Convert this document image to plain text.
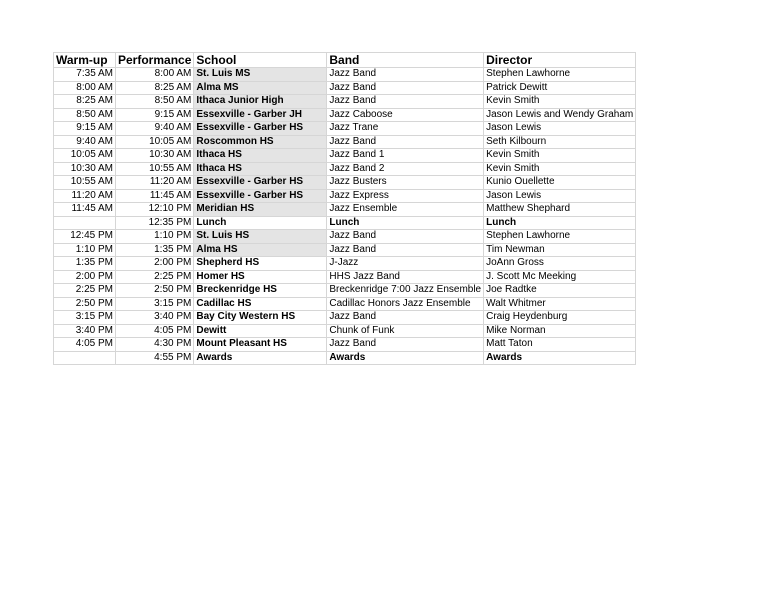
Warm-up	Performance	School	Band	Director
7:35 AM	8:00 AM	St. Luis MS	Jazz Band	Stephen Lawhorne
8:00 AM	8:25 AM	Alma MS	Jazz Band	Patrick Dewitt
8:25 AM	8:50 AM	Ithaca Junior High	Jazz Band	Kevin Smith
8:50 AM	9:15 AM	Essexville - Garber JH	Jazz Caboose	Jason Lewis and Wendy Graham
9:15 AM	9:40 AM	Essexville - Garber HS	Jazz Trane	Jason Lewis
9:40 AM	10:05 AM	Roscommon HS	Jazz Band	Seth Kilbourn
10:05 AM	10:30 AM	Ithaca HS	Jazz Band 1	Kevin Smith
10:30 AM	10:55 AM	Ithaca HS	Jazz Band 2	Kevin Smith
10:55 AM	11:20 AM	Essexville - Garber HS	Jazz Busters	Kunio Ouellette
11:20 AM	11:45 AM	Essexville - Garber HS	Jazz Express	Jason Lewis
11:45 AM	12:10 PM	Meridian HS	Jazz Ensemble	Matthew Shephard
	12:35 PM	Lunch	Lunch	Lunch
12:45 PM	1:10 PM	St. Luis HS	Jazz Band	Stephen Lawhorne
1:10 PM	1:35 PM	Alma HS	Jazz Band	Tim Newman
1:35 PM	2:00 PM	Shepherd HS	J-Jazz	JoAnn Gross
2:00 PM	2:25 PM	Homer HS	HHS Jazz Band	J. Scott Mc Meeking
2:25 PM	2:50 PM	Breckenridge HS	Breckenridge 7:00 Jazz Ensemble	Joe Radtke
2:50 PM	3:15 PM	Cadillac HS	Cadillac Honors Jazz Ensemble	Walt Whitmer
3:15 PM	3:40 PM	Bay City Western HS	Jazz Band	Craig Heydenburg
3:40 PM	4:05 PM	Dewitt	Chunk of Funk	Mike Norman
4:05 PM	4:30 PM	Mount Pleasant HS	Jazz Band	Matt Taton
	4:55 PM	Awards	Awards	Awards
